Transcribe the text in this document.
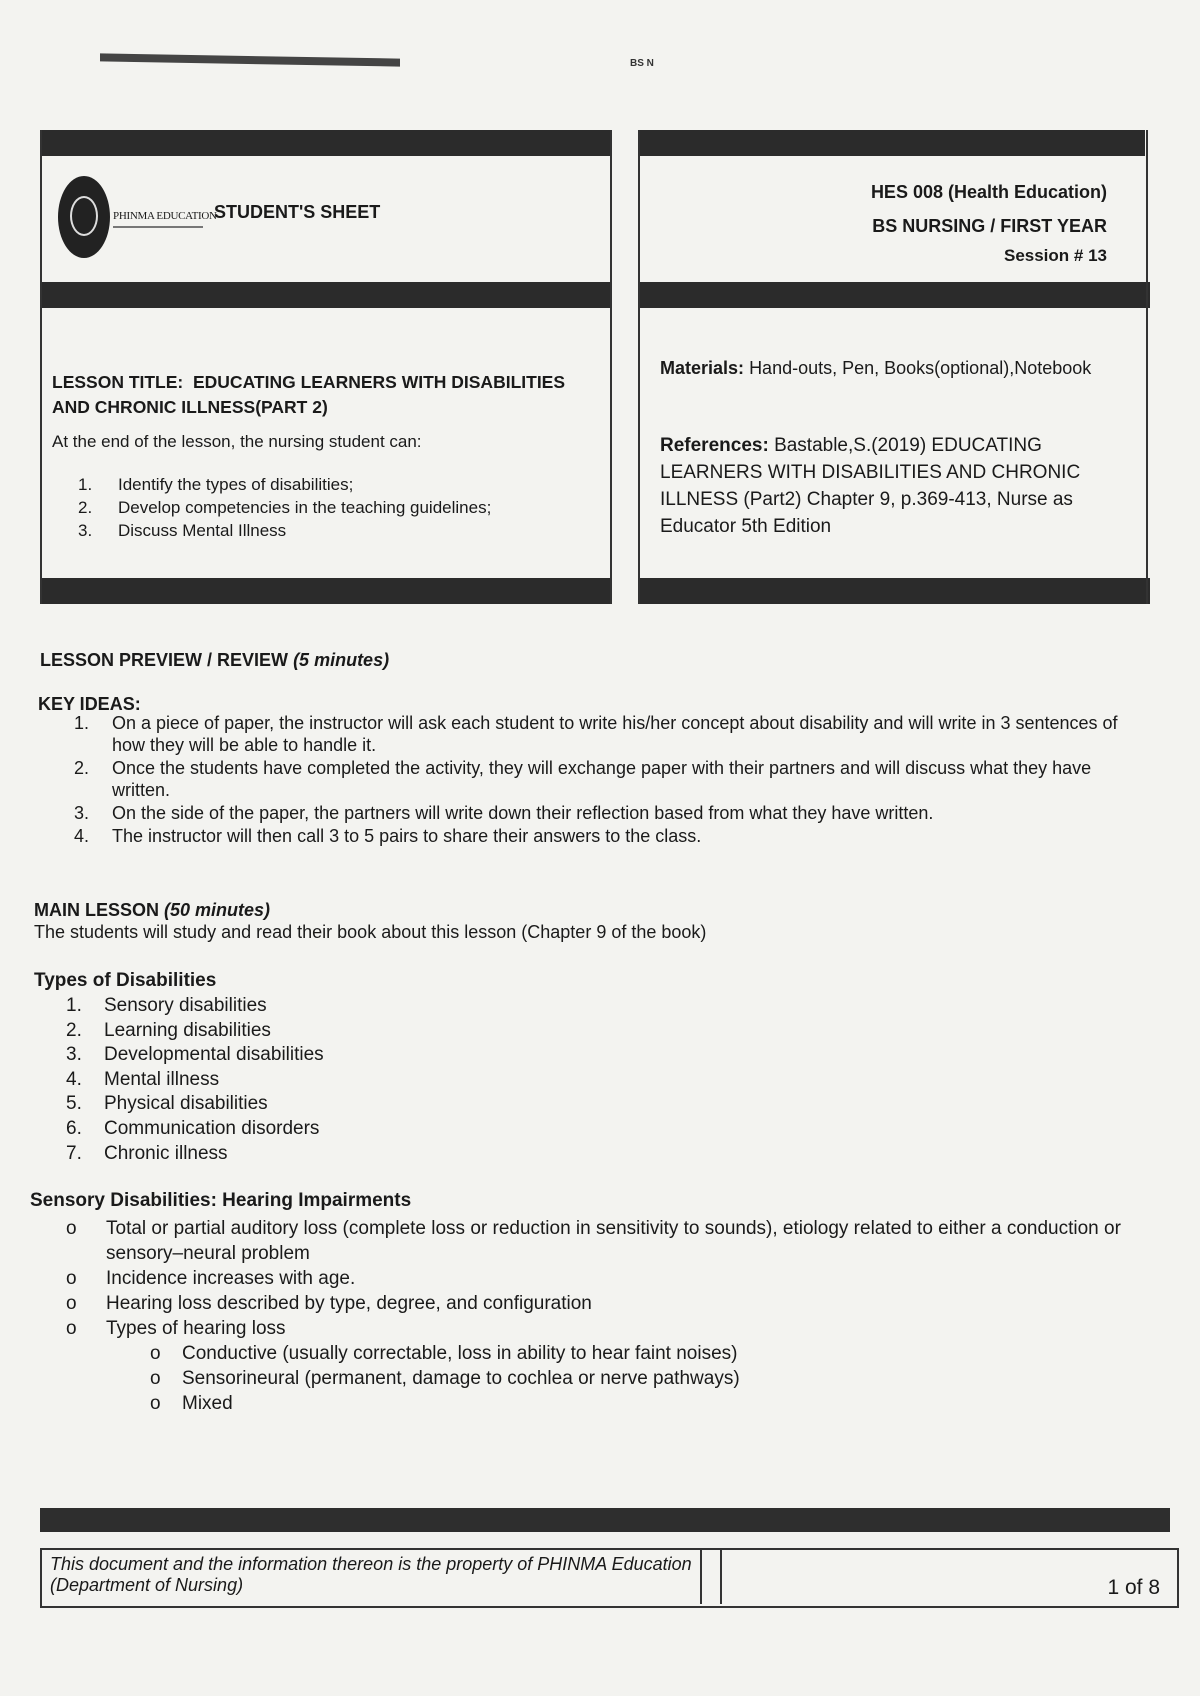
BS N
PHINMA EDUCATION
STUDENT'S SHEET
HES 008 (Health Education)
BS NURSING / FIRST YEAR
Session # 13
LESSON TITLE: EDUCATING LEARNERS WITH DISABILITIES AND CHRONIC ILLNESS(PART 2)
At the end of the lesson, the nursing student can:
1.	Identify the types of disabilities;
2.	Develop competencies in the teaching guidelines;
3.	Discuss Mental Illness
Materials: Hand-outs, Pen, Books(optional),Notebook
References: Bastable,S.(2019) EDUCATING LEARNERS WITH DISABILITIES AND CHRONIC ILLNESS (Part2) Chapter 9, p.369-413, Nurse as Educator 5th Edition
LESSON PREVIEW / REVIEW (5 minutes)
KEY IDEAS:
1.	On a piece of paper, the instructor will ask each student to write his/her concept about disability and will write in 3 sentences of how they will be able to handle it.
2.	Once the students have completed the activity, they will exchange paper with their partners and will discuss what they have written.
3.	On the side of the paper, the partners will write down their reflection based from what they have written.
4.	The instructor will then call 3 to 5 pairs to share their answers to the class.
MAIN LESSON (50 minutes)
The students will study and read their book about this lesson (Chapter 9 of the book)
Types of Disabilities
1.	Sensory disabilities
2.	Learning disabilities
3.	Developmental disabilities
4.	Mental illness
5.	Physical disabilities
6.	Communication disorders
7.	Chronic illness
Sensory Disabilities: Hearing Impairments
o	Total or partial auditory loss (complete loss or reduction in sensitivity to sounds), etiology related to either a conduction or sensory–neural problem
o	Incidence increases with age.
o	Hearing loss described by type, degree, and configuration
o	Types of hearing loss
o	Conductive (usually correctable, loss in ability to hear faint noises)
o	Sensorineural (permanent, damage to cochlea or nerve pathways)
o	Mixed
This document and the information thereon is the property of PHINMA Education (Department of Nursing)	1 of 8
